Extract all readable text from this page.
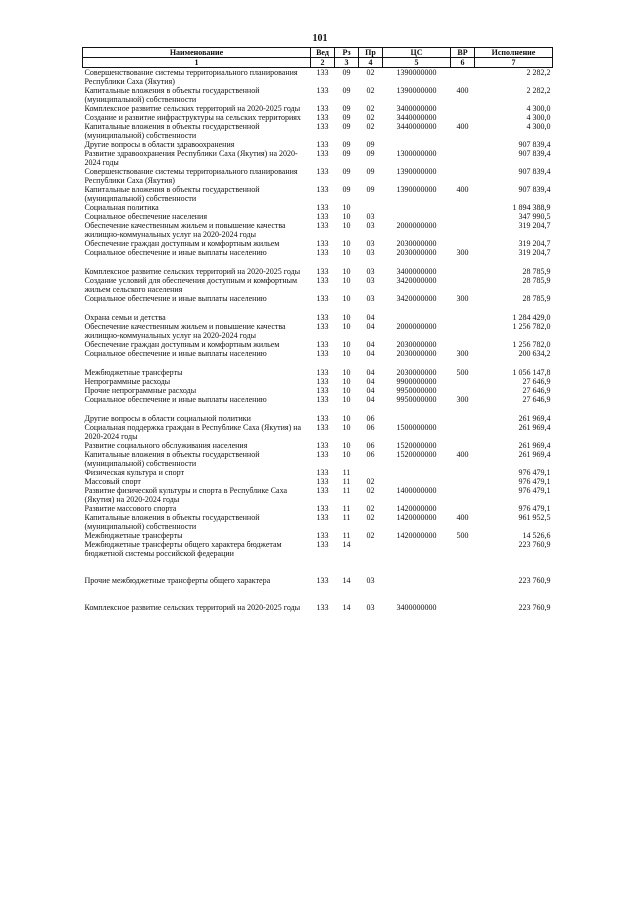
101
Наименование	Вед	Рз	Пр	ЦС	ВР	Исполнение
1	2	3	4	5	6	7
Совершенствование системы территориального планирования Республики Саха (Якутия)	133	09	02	1390000000		2 282,2
Капитальные вложения в объекты государственной (муниципальной) собственности	133	09	02	1390000000	400	2 282,2
Комплексное развитие сельских территорий на 2020-2025 годы	133	09	02	3400000000		4 300,0
Создание и развитие инфраструктуры на сельских территориях	133	09	02	3440000000		4 300,0
Капитальные вложения в объекты государственной (муниципальной) собственности	133	09	02	3440000000	400	4 300,0
Другие вопросы в области здравоохранения	133	09	09			907 839,4
Развитие здравоохранения Республики Саха (Якутия) на 2020-2024 годы	133	09	09	1300000000		907 839,4
Совершенствование системы территориального планирования Республики Саха (Якутия)	133	09	09	1390000000		907 839,4
Капитальные вложения в объекты государственной (муниципальной) собственности	133	09	09	1390000000	400	907 839,4
Социальная политика	133	10				1 894 388,9
Социальное обеспечение населения	133	10	03			347 990,5
Обеспечение качественным жильем и повышение качества жилищно-коммунальных услуг на 2020-2024 годы	133	10	03	2000000000		319 204,7
Обеспечение граждан доступным и комфортным жильем	133	10	03	2030000000		319 204,7
Социальное обеспечение и иные выплаты населению	133	10	03	2030000000	300	319 204,7

Комплексное развитие сельских территорий на 2020-2025 годы	133	10	03	3400000000		28 785,9
Создание условий для обеспечения доступным и комфортным жильем сельского населения	133	10	03	3420000000		28 785,9
Социальное обеспечение и иные выплаты населению	133	10	03	3420000000	300	28 785,9

Охрана семьи и детства	133	10	04			1 284 429,0
Обеспечение качественным жильем и повышение качества жилищно-коммунальных услуг на 2020-2024 годы	133	10	04	2000000000		1 256 782,0
Обеспечение граждан доступным и комфортным жильем	133	10	04	2030000000		1 256 782,0
Социальное обеспечение и иные выплаты населению	133	10	04	2030000000	300	200 634,2

Межбюджетные трансферты	133	10	04	2030000000	500	1 056 147,8
Непрограммные расходы	133	10	04	9900000000		27 646,9
Прочие непрограммные расходы	133	10	04	9950000000		27 646,9
Социальное обеспечение и иные выплаты населению	133	10	04	9950000000	300	27 646,9

Другие вопросы в области социальной политики	133	10	06			261 969,4
Социальная поддержка граждан в Республике Саха (Якутия) на 2020-2024 годы	133	10	06	1500000000		261 969,4
Развитие социального обслуживания населения	133	10	06	1520000000		261 969,4
Капитальные вложения в объекты государственной (муниципальной) собственности	133	10	06	1520000000	400	261 969,4
Физическая культура и спорт	133	11				976 479,1
Массовый спорт	133	11	02			976 479,1
Развитие физической культуры и спорта в Республике Саха (Якутия) на 2020-2024 годы	133	11	02	1400000000		976 479,1
Развитие массового спорта	133	11	02	1420000000		976 479,1
Капитальные вложения в объекты государственной (муниципальной) собственности	133	11	02	1420000000	400	961 952,5
Межбюджетные трансферты	133	11	02	1420000000	500	14 526,6
Межбюджетные трансферты общего характера бюджетам бюджетной системы российской федерации	133	14				223 760,9

Прочие межбюджетные трансферты общего характера	133	14	03			223 760,9

Комплексное развитие сельских территорий на 2020-2025 годы	133	14	03	3400000000		223 760,9
